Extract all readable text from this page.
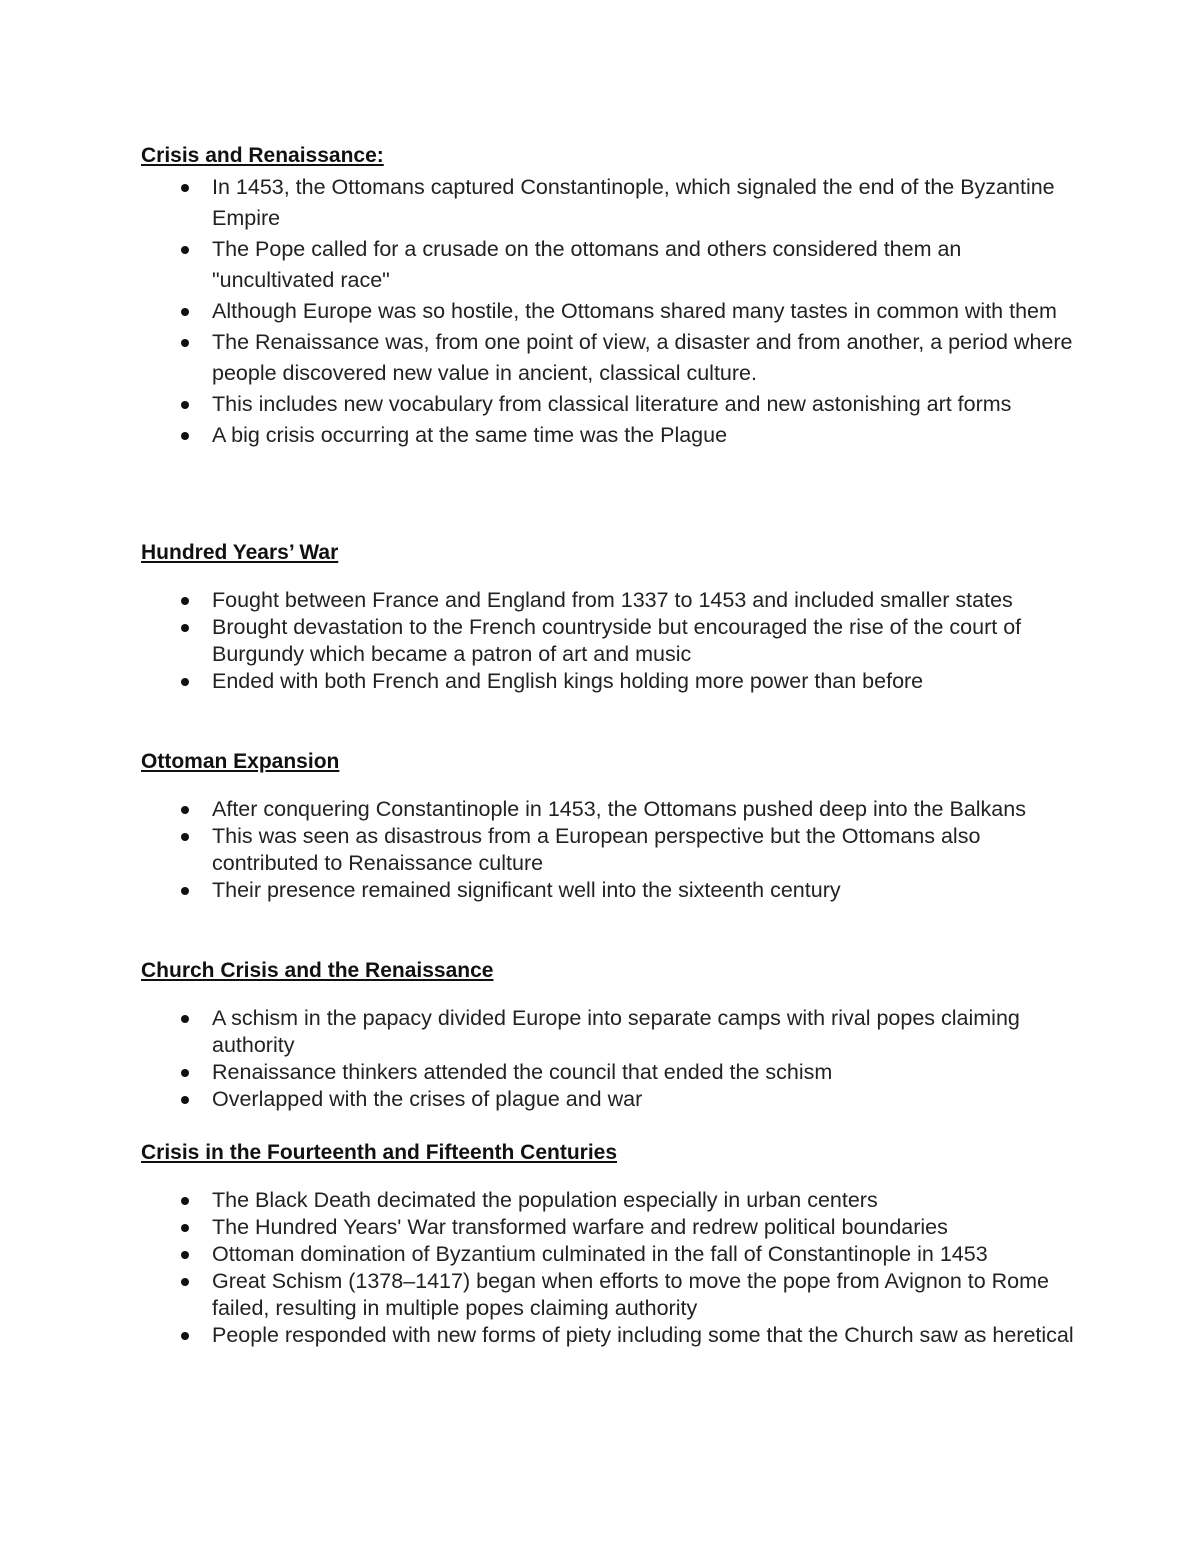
Crisis and Renaissance:
In 1453, the Ottomans captured Constantinople, which signaled the end of the Byzantine Empire
The Pope called for a crusade on the ottomans and others considered them an "uncultivated race"
Although Europe was so hostile, the Ottomans shared many tastes in common with them
The Renaissance was, from one point of view, a disaster and from another, a period where people discovered new value in ancient, classical culture.
This includes new vocabulary from classical literature and new astonishing art forms
A big crisis occurring at the same time was the Plague
Hundred Years’ War
Fought between France and England from 1337 to 1453 and included smaller states
Brought devastation to the French countryside but encouraged the rise of the court of Burgundy which became a patron of art and music
Ended with both French and English kings holding more power than before
Ottoman Expansion
After conquering Constantinople in 1453, the Ottomans pushed deep into the Balkans
This was seen as disastrous from a European perspective but the Ottomans also contributed to Renaissance culture
Their presence remained significant well into the sixteenth century
Church Crisis and the Renaissance
A schism in the papacy divided Europe into separate camps with rival popes claiming authority
Renaissance thinkers attended the council that ended the schism
Overlapped with the crises of plague and war
Crisis in the Fourteenth and Fifteenth Centuries
The Black Death decimated the population especially in urban centers
The Hundred Years' War transformed warfare and redrew political boundaries
Ottoman domination of Byzantium culminated in the fall of Constantinople in 1453
Great Schism (1378–1417) began when efforts to move the pope from Avignon to Rome failed, resulting in multiple popes claiming authority
People responded with new forms of piety including some that the Church saw as heretical
